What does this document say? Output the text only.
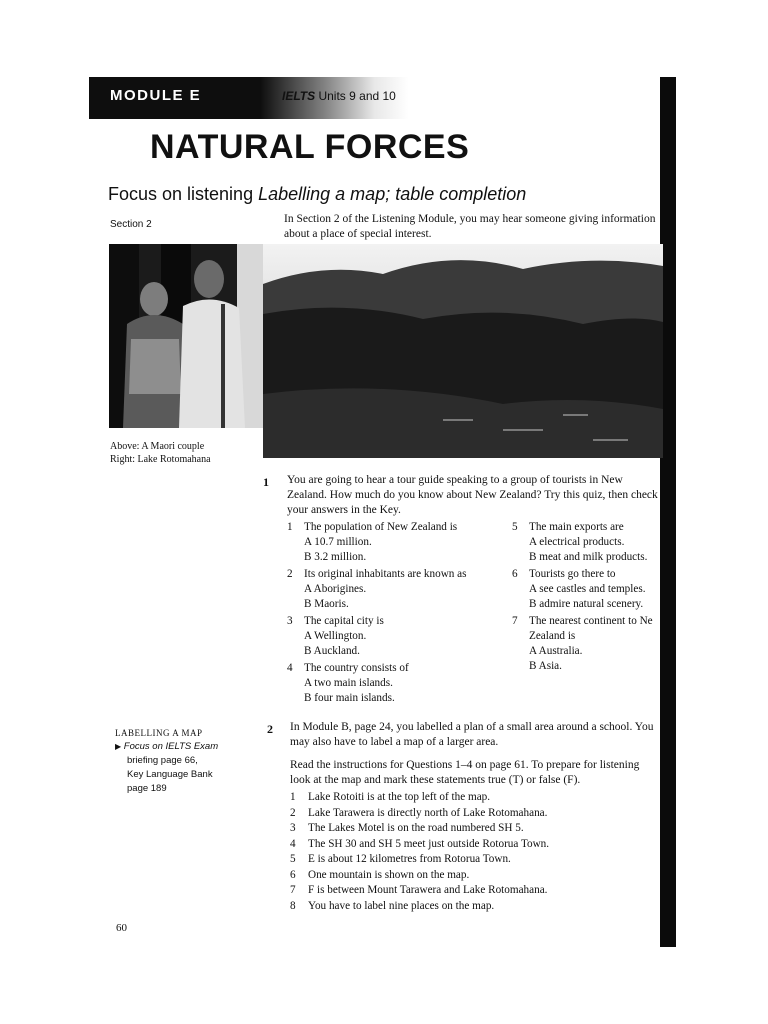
MODULE E	IELTS Units 9 and 10
NATURAL FORCES
Focus on listening Labelling a map; table completion
Section 2	In Section 2 of the Listening Module, you may hear someone giving information about a place of special interest.
Above: A Maori couple
Right: Lake Rotomahana
1 You are going to hear a tour guide speaking to a group of tourists in New Zealand. How much do you know about New Zealand? Try this quiz, then check your answers in the Key.
1 The population of New Zealand is
A 10.7 million.
B 3.2 million.
2 Its original inhabitants are known as
A Aborigines.
B Maoris.
3 The capital city is
A Wellington.
B Auckland.
4 The country consists of
A two main islands.
B four main islands.
5 The main exports are
A electrical products.
B meat and milk products.
6 Tourists go there to
A see castles and temples.
B admire natural scenery.
7 The nearest continent to Ne
Zealand is
A Australia.
B Asia.
LABELLING A MAP
▶ Focus on IELTS Exam
briefing page 66,
Key Language Bank
page 189
2 In Module B, page 24, you labelled a plan of a small area around a school. You may also have to label a map of a larger area.
Read the instructions for Questions 1–4 on page 61. To prepare for listening look at the map and mark these statements true (T) or false (F).
1 Lake Rotoiti is at the top left of the map.
2 Lake Tarawera is directly north of Lake Rotomahana.
3 The Lakes Motel is on the road numbered SH 5.
4 The SH 30 and SH 5 meet just outside Rotorua Town.
5 E is about 12 kilometres from Rotorua Town.
6 One mountain is shown on the map.
7 F is between Mount Tarawera and Lake Rotomahana.
8 You have to label nine places on the map.
60
